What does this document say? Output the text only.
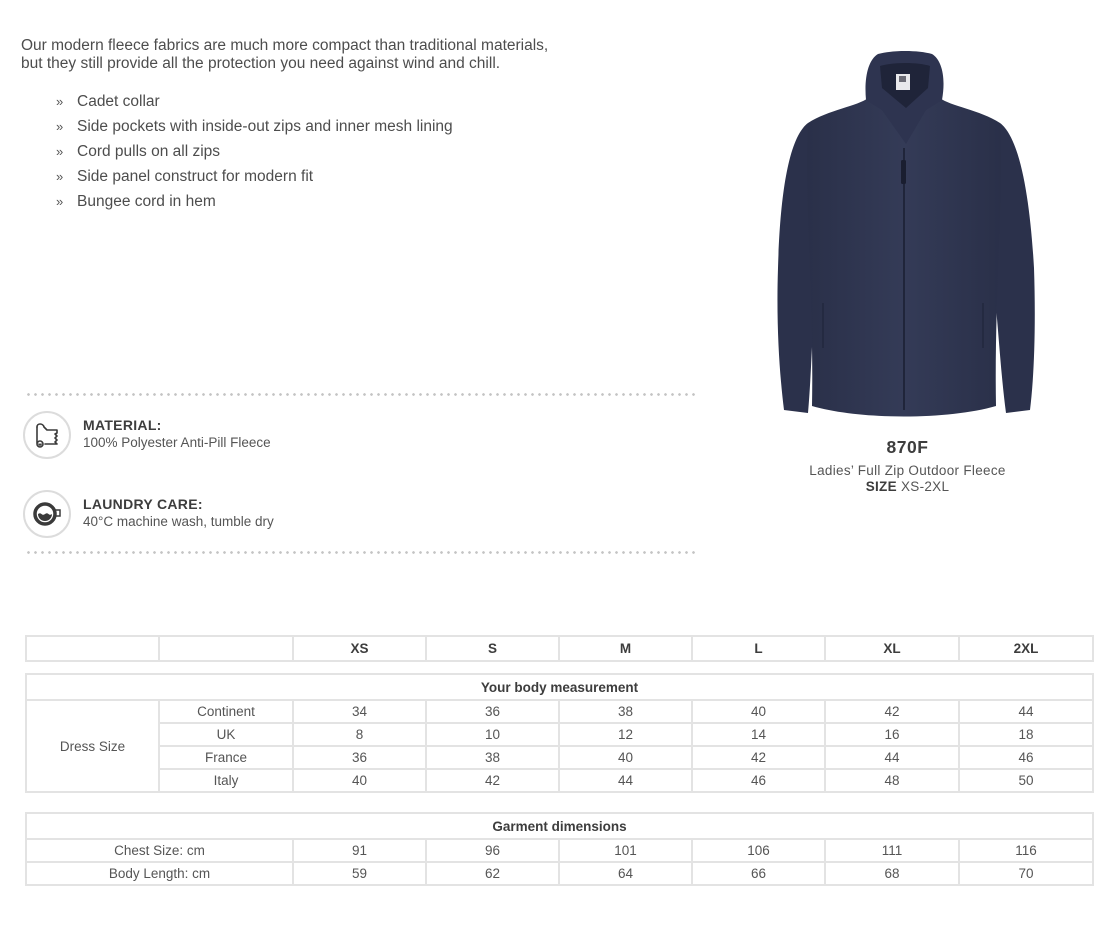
Our modern fleece fabrics are much more compact than traditional materials,
but they still provide all the protection you need against wind and chill.
» Cadet collar
» Side pockets with inside-out zips and inner mesh lining
» Cord pulls on all zips
» Side panel construct for modern fit
» Bungee cord in hem
MATERIAL:
100% Polyester Anti-Pill Fleece
LAUNDRY CARE:
40°C machine wash, tumble dry
870F
Ladies’ Full Zip Outdoor Fleece
SIZE XS-2XL
		XS	S	M	L	XL	2XL
Your body measurement							
Dress Size	Continent	34	36	38	40	42	44
	UK	8	10	12	14	16	18
	France	36	38	40	42	44	46
	Italy	40	42	44	46	48	50
Garment dimensions						
Chest Size: cm	91	96	101	106	111	116
Body Length: cm	59	62	64	66	68	70
